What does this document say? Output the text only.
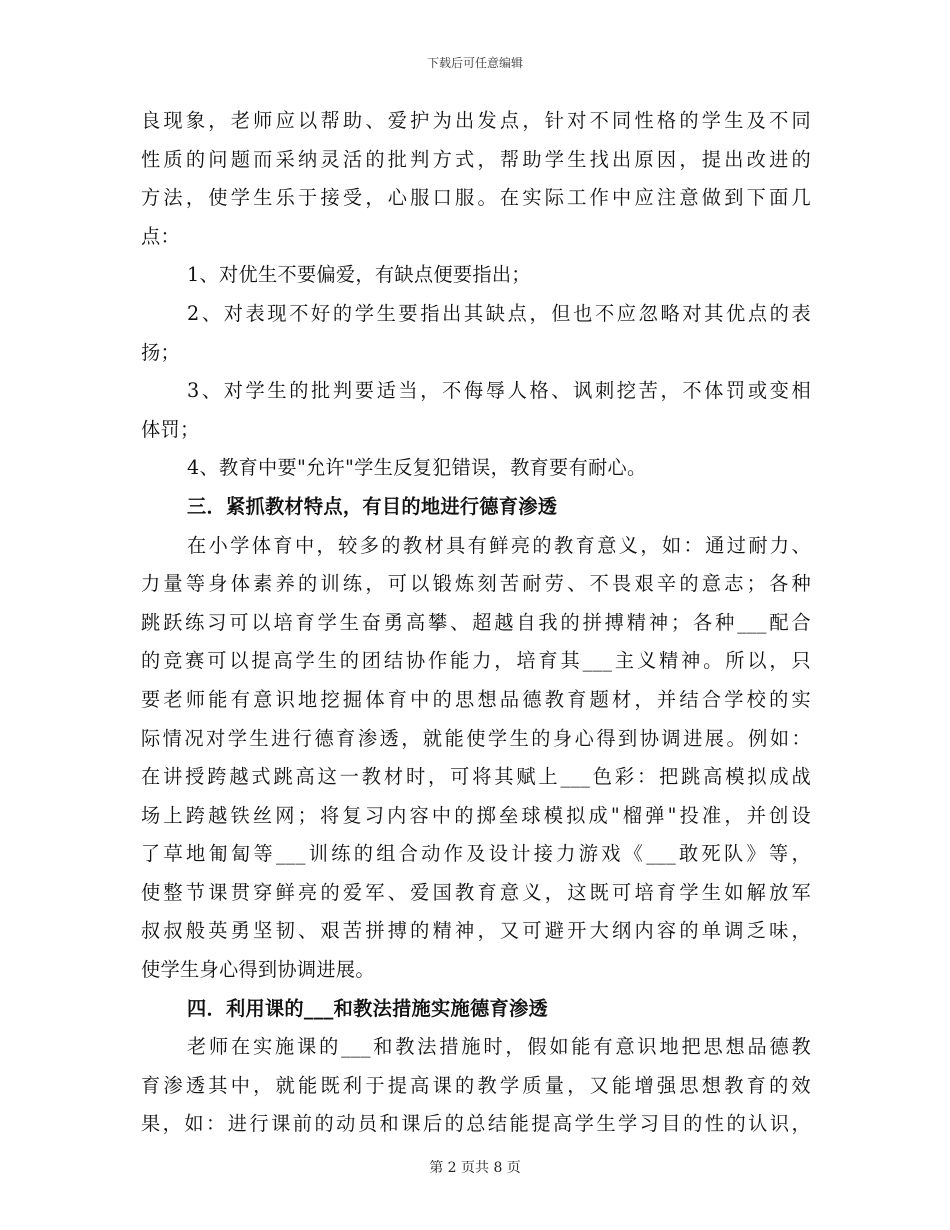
下载后可任意编辑
良现象，老师应以帮助、爱护为出发点，针对不同性格的学生及不同
性质的问题而采纳灵活的批判方式，帮助学生找出原因，提出改进的
方法，使学生乐于接受，心服口服。在实际工作中应注意做到下面几
点：
1、对优生不要偏爱，有缺点便要指出；
2、对表现不好的学生要指出其缺点，但也不应忽略对其优点的表
扬；
3、对学生的批判要适当，不侮辱人格、讽刺挖苦，不体罚或变相
体罚；
4、教育中要"允许"学生反复犯错误，教育要有耐心。
三．紧抓教材特点，有目的地进行德育渗透
在小学体育中，较多的教材具有鲜亮的教育意义，如：通过耐力、
力量等身体素养的训练，可以锻炼刻苦耐劳、不畏艰辛的意志；各种
跳跃练习可以培育学生奋勇高攀、超越自我的拼搏精神；各种___配合
的竞赛可以提高学生的团结协作能力，培育其___主义精神。所以，只
要老师能有意识地挖掘体育中的思想品德教育题材，并结合学校的实
际情况对学生进行德育渗透，就能使学生的身心得到协调进展。例如：
在讲授跨越式跳高这一教材时，可将其赋上___色彩：把跳高模拟成战
场上跨越铁丝网；将复习内容中的掷垒球模拟成"榴弹"投准，并创设
了草地匍匐等___训练的组合动作及设计接力游戏《___敢死队》等，
使整节课贯穿鲜亮的爱军、爱国教育意义，这既可培育学生如解放军
叔叔般英勇坚韧、艰苦拼搏的精神，又可避开大纲内容的单调乏味，
使学生身心得到协调进展。
四．利用课的___和教法措施实施德育渗透
老师在实施课的___和教法措施时，假如能有意识地把思想品德教
育渗透其中，就能既利于提高课的教学质量，又能增强思想教育的效
果，如：进行课前的动员和课后的总结能提高学生学习目的性的认识，
第 2 页共 8 页
